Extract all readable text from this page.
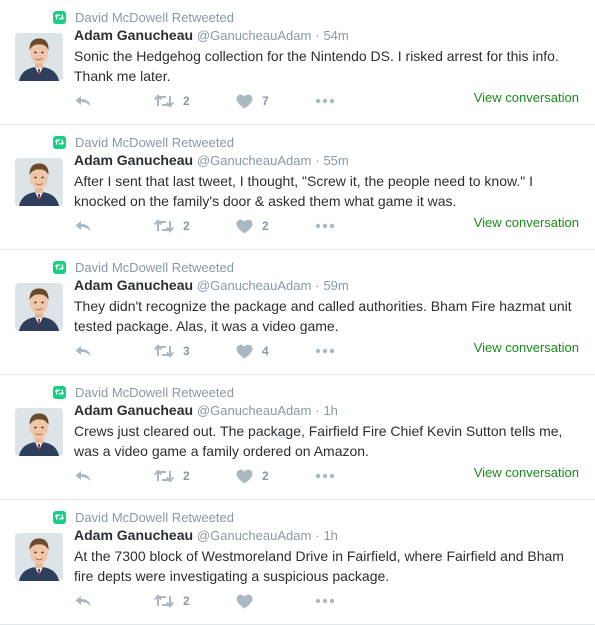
David McDowell Retweeted
Adam Ganucheau @GanucheauAdam · 54m
Sonic the Hedgehog collection for the Nintendo DS. I risked arrest for this info. Thank me later.
2	7	View conversation
David McDowell Retweeted
Adam Ganucheau @GanucheauAdam · 55m
After I sent that last tweet, I thought, "Screw it, the people need to know." I knocked on the family's door & asked them what game it was.
2	2	View conversation
David McDowell Retweeted
Adam Ganucheau @GanucheauAdam · 59m
They didn't recognize the package and called authorities. Bham Fire hazmat unit tested package. Alas, it was a video game.
3	4	View conversation
David McDowell Retweeted
Adam Ganucheau @GanucheauAdam · 1h
Crews just cleared out. The package, Fairfield Fire Chief Kevin Sutton tells me, was a video game a family ordered on Amazon.
2	2	View conversation
David McDowell Retweeted
Adam Ganucheau @GanucheauAdam · 1h
At the 7300 block of Westmoreland Drive in Fairfield, where Fairfield and Bham fire depts were investigating a suspicious package.
2
